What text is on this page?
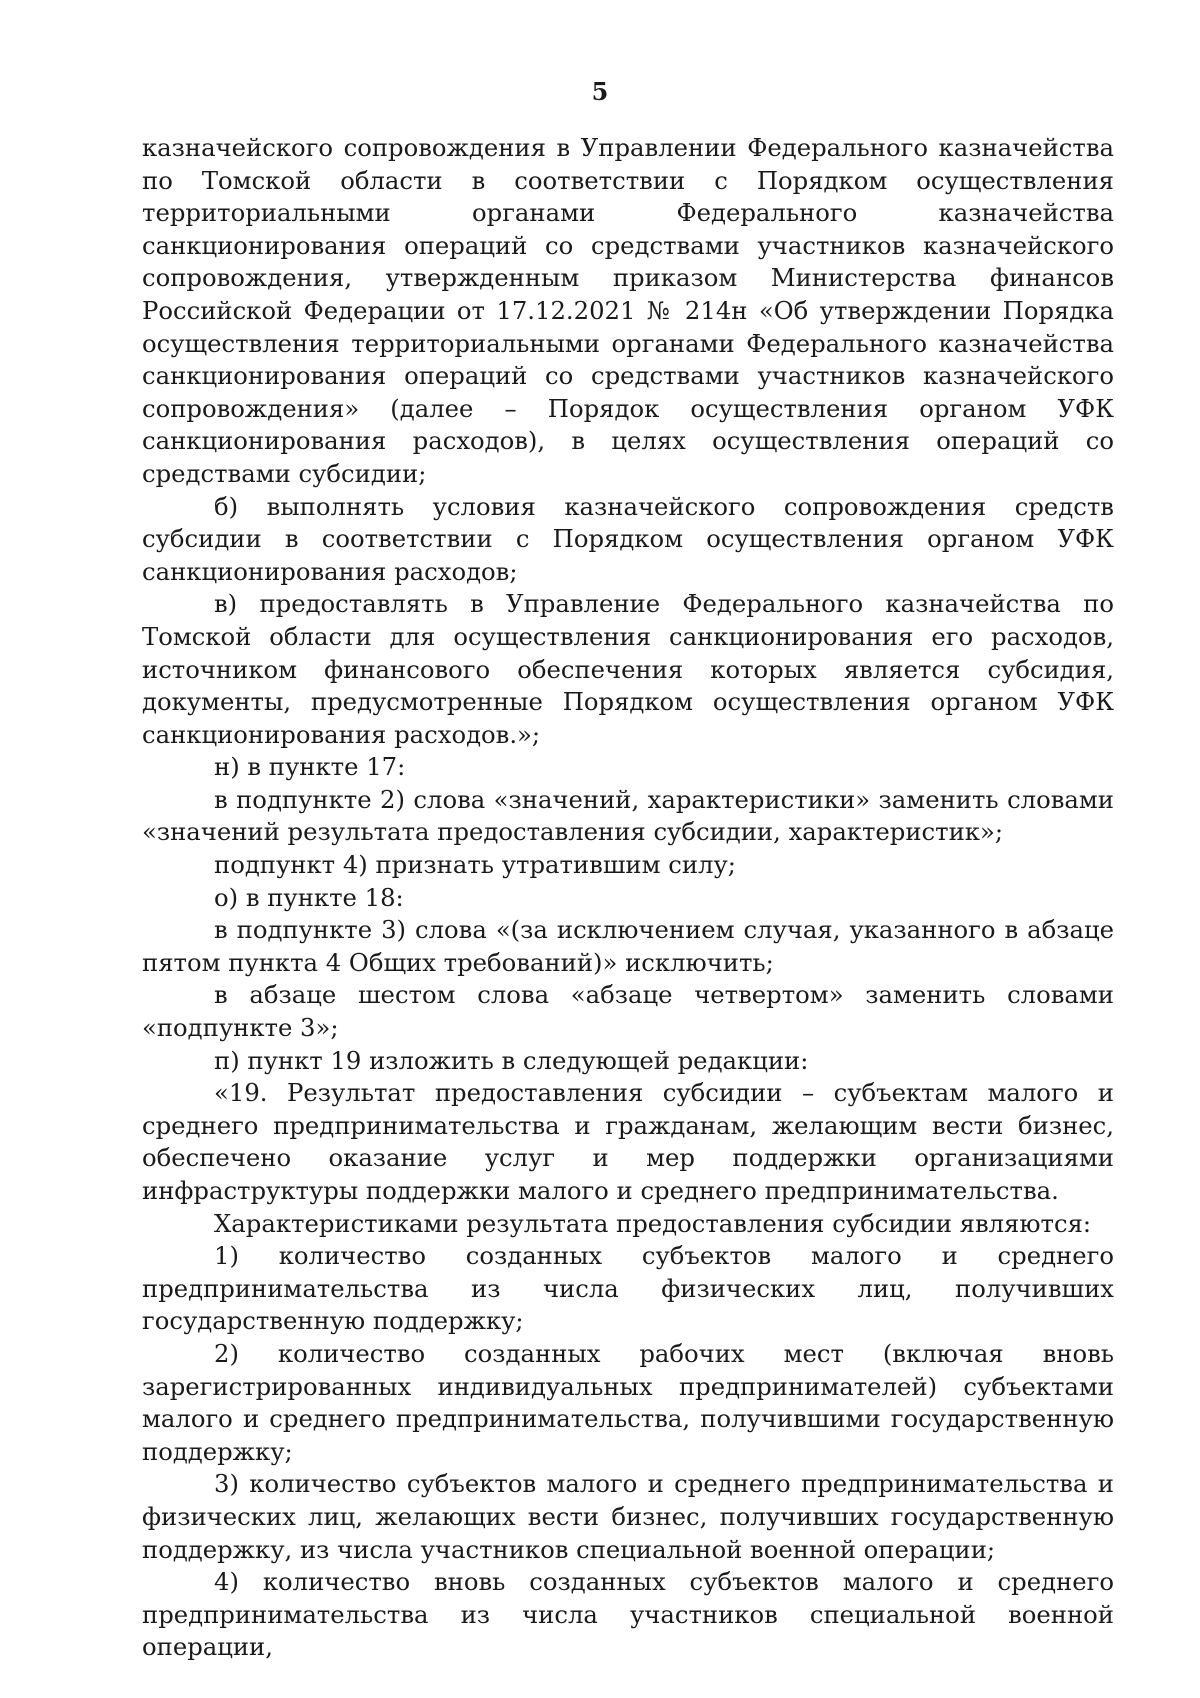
5

казначейского сопровождения в Управлении Федерального казначейства по Томской области в соответствии с Порядком осуществления территориальными органами Федерального казначейства санкционирования операций со средствами участников казначейского сопровождения, утвержденным приказом Министерства финансов Российской Федерации от 17.12.2021 № 214н «Об утверждении Порядка осуществления территориальными органами Федерального казначейства санкционирования операций со средствами участников казначейского сопровождения» (далее – Порядок осуществления органом УФК санкционирования расходов), в целях осуществления операций со средствами субсидии;

б) выполнять условия казначейского сопровождения средств субсидии в соответствии с Порядком осуществления органом УФК санкционирования расходов;

в) предоставлять в Управление Федерального казначейства по Томской области для осуществления санкционирования его расходов, источником финансового обеспечения которых является субсидия, документы, предусмотренные Порядком осуществления органом УФК санкционирования расходов.»;

н) в пункте 17:

в подпункте 2) слова «значений, характеристики» заменить словами «значений результата предоставления субсидии, характеристик»;

подпункт 4) признать утратившим силу;

о) в пункте 18:

в подпункте 3) слова «(за исключением случая, указанного в абзаце пятом пункта 4 Общих требований)» исключить;

в абзаце шестом слова «абзаце четвертом» заменить словами «подпункте 3»;

п) пункт 19 изложить в следующей редакции:

«19. Результат предоставления субсидии – субъектам малого и среднего предпринимательства и гражданам, желающим вести бизнес, обеспечено оказание услуг и мер поддержки организациями инфраструктуры поддержки малого и среднего предпринимательства.

Характеристиками результата предоставления субсидии являются:

1) количество созданных субъектов малого и среднего предпринимательства из числа физических лиц, получивших государственную поддержку;

2) количество созданных рабочих мест (включая вновь зарегистрированных индивидуальных предпринимателей) субъектами малого и среднего предпринимательства, получившими государственную поддержку;

3) количество субъектов малого и среднего предпринимательства и физических лиц, желающих вести бизнес, получивших государственную поддержку, из числа участников специальной военной операции;

4) количество вновь созданных субъектов малого и среднего предпринимательства из числа участников специальной военной операции,
